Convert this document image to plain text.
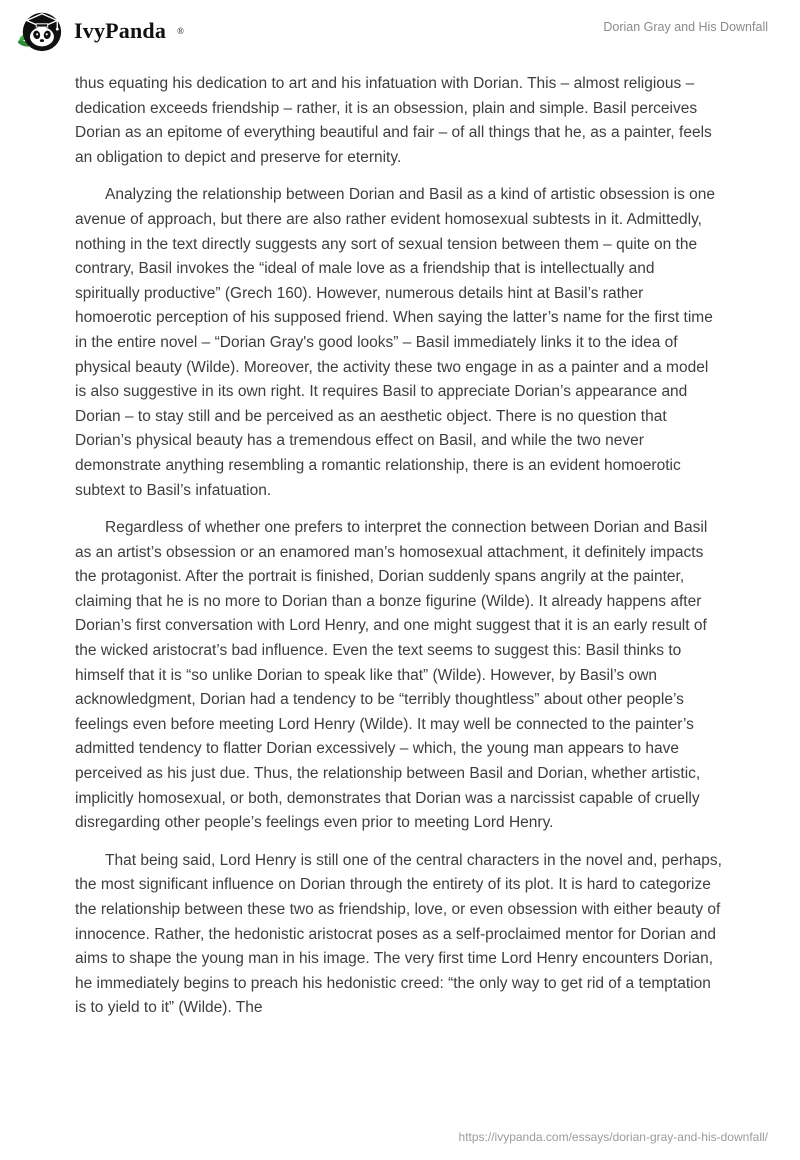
IvyPanda ®	Dorian Gray and His Downfall

thus equating his dedication to art and his infatuation with Dorian. This – almost religious – dedication exceeds friendship – rather, it is an obsession, plain and simple. Basil perceives Dorian as an epitome of everything beautiful and fair – of all things that he, as a painter, feels an obligation to depict and preserve for eternity.

Analyzing the relationship between Dorian and Basil as a kind of artistic obsession is one avenue of approach, but there are also rather evident homosexual subtests in it. Admittedly, nothing in the text directly suggests any sort of sexual tension between them – quite on the contrary, Basil invokes the “ideal of male love as a friendship that is intellectually and spiritually productive” (Grech 160). However, numerous details hint at Basil’s rather homoerotic perception of his supposed friend. When saying the latter’s name for the first time in the entire novel – “Dorian Gray's good looks” – Basil immediately links it to the idea of physical beauty (Wilde). Moreover, the activity these two engage in as a painter and a model is also suggestive in its own right. It requires Basil to appreciate Dorian’s appearance and Dorian – to stay still and be perceived as an aesthetic object. There is no question that Dorian’s physical beauty has a tremendous effect on Basil, and while the two never demonstrate anything resembling a romantic relationship, there is an evident homoerotic subtext to Basil’s infatuation.

Regardless of whether one prefers to interpret the connection between Dorian and Basil as an artist’s obsession or an enamored man’s homosexual attachment, it definitely impacts the protagonist. After the portrait is finished, Dorian suddenly spans angrily at the painter, claiming that he is no more to Dorian than a bonze figurine (Wilde). It already happens after Dorian’s first conversation with Lord Henry, and one might suggest that it is an early result of the wicked aristocrat’s bad influence. Even the text seems to suggest this: Basil thinks to himself that it is “so unlike Dorian to speak like that” (Wilde). However, by Basil’s own acknowledgment, Dorian had a tendency to be “terribly thoughtless” about other people’s feelings even before meeting Lord Henry (Wilde). It may well be connected to the painter’s admitted tendency to flatter Dorian excessively – which, the young man appears to have perceived as his just due. Thus, the relationship between Basil and Dorian, whether artistic, implicitly homosexual, or both, demonstrates that Dorian was a narcissist capable of cruelly disregarding other people’s feelings even prior to meeting Lord Henry.

That being said, Lord Henry is still one of the central characters in the novel and, perhaps, the most significant influence on Dorian through the entirety of its plot. It is hard to categorize the relationship between these two as friendship, love, or even obsession with either beauty of innocence. Rather, the hedonistic aristocrat poses as a self-proclaimed mentor for Dorian and aims to shape the young man in his image. The very first time Lord Henry encounters Dorian, he immediately begins to preach his hedonistic creed: “the only way to get rid of a temptation is to yield to it” (Wilde). The

https://ivypanda.com/essays/dorian-gray-and-his-downfall/
